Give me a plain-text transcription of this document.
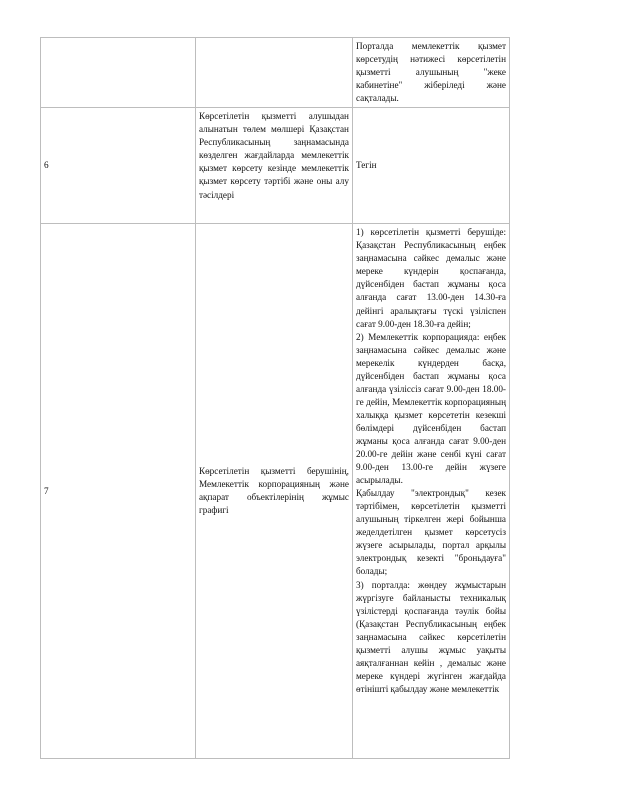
		Порталда мемлекеттік қызмет көрсетудің нәтижесі көрсетілетін қызметті алушының "жеке кабинетіне" жіберіледі және сақталады.
6	Көрсетілетін қызметті алушыдан алынатын төлем мөлшері Қазақстан Республикасының заңнамасында көзделген жағдайларда мемлекеттік қызмет көрсету кезінде мемлекеттік қызмет көрсету тәртібі және оны алу тәсілдері	Тегін
7	Көрсетілетін қызметті берушінің, Мемлекеттік корпорацияның және ақпарат объектілерінің жұмыс графигі	1) көрсетілетін қызметті берушіде: Қазақстан Республикасының еңбек заңнамасына сәйкес демалыс және мереке күндерін қоспағанда, дүйсенбіден бастап жұманы қоса алғанда сағат 13.00-ден 14.30-ға дейінгі аралықтағы түскі үзіліспен сағат 9.00-ден 18.30-ға дейін;
2) Мемлекеттік корпорацияда: еңбек заңнамасына сәйкес демалыс және мерекелік күндерден басқа, дүйсенбіден бастап жұманы қоса алғанда үзіліссіз сағат 9.00-ден 18.00-ге дейін, Мемлекеттік корпорацияның халыққа қызмет көрсететін кезекші бөлімдері дүйсенбіден бастап жұманы қоса алғанда сағат 9.00-ден 20.00-ге дейін және сенбі күні сағат 9.00-ден 13.00-ге дейін жүзеге асырылады.
Қабылдау "электрондық" кезек тәртібімен, көрсетілетін қызметті алушының тіркелген жері бойынша жеделдетілген қызмет көрсетусіз жүзеге асырылады, портал арқылы электрондық кезекті "броньдауға" болады;
3) порталда: жөндеу жұмыстарын жүргізуге байланысты техникалық үзілістерді қоспағанда тәулік бойы (Қазақстан Республикасының еңбек заңнамасына сәйкес көрсетілетін қызметті алушы жұмыс уақыты аяқталғаннан кейін , демалыс және мереке күндері жүгінген жағдайда өтінішті қабылдау және мемлекеттік
